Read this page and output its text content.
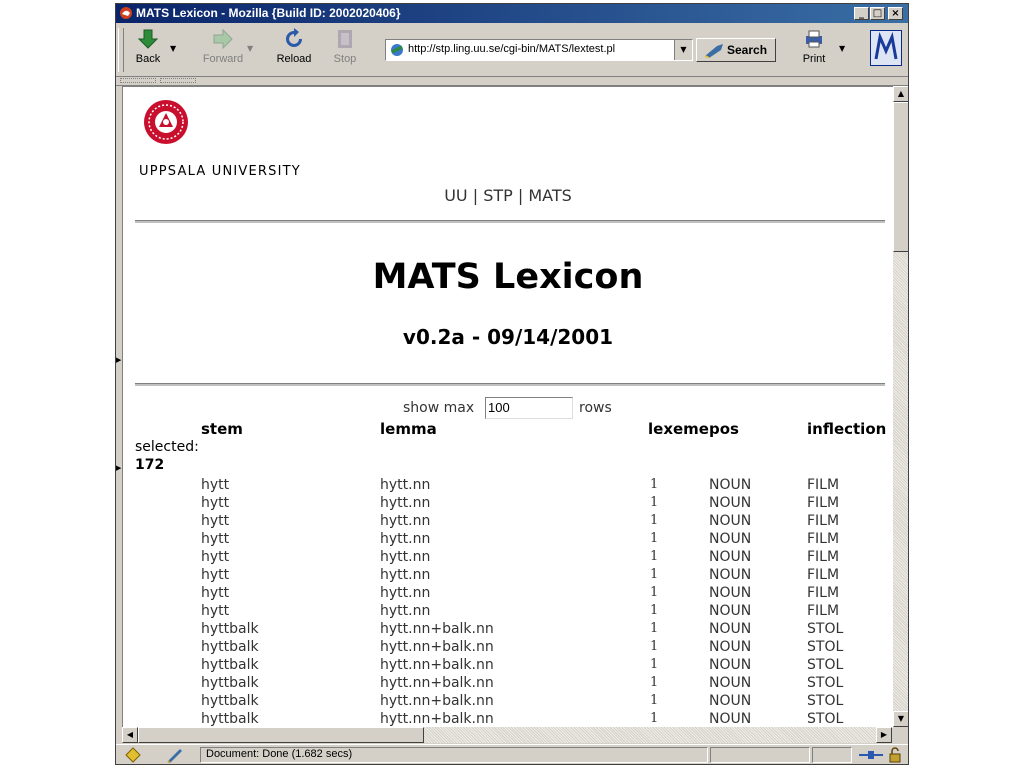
MATS Lexicon - Mozilla {Build ID: 2002020406}	_ □ ×
Back
▼
Forward
▼
Reload	Stop
http://stp.ling.uu.se/cgi-bin/MATS/lextest.pl	▼	Search
Print
▼
▶
▶
UPPSALA UNIVERSITY
UU | STP | MATS
MATS Lexicon
v0.2a - 09/14/2001
show max 100	rows
stem	lemma	lexeme pos	inflection
selected:
172
hytt	hytt.nn	1	NOUN	FILM
hytt	hytt.nn	1	NOUN	FILM
hytt	hytt.nn	1	NOUN	FILM
hytt	hytt.nn	1	NOUN	FILM
hytt	hytt.nn	1	NOUN	FILM
hytt	hytt.nn	1	NOUN	FILM
hytt	hytt.nn	1	NOUN	FILM
hytt	hytt.nn	1	NOUN	FILM
hyttbalk	hytt.nn+balk.nn	1	NOUN	STOL
hyttbalk	hytt.nn+balk.nn	1	NOUN	STOL
hyttbalk	hytt.nn+balk.nn	1	NOUN	STOL
hyttbalk	hytt.nn+balk.nn	1	NOUN	STOL
hyttbalk	hytt.nn+balk.nn	1	NOUN	STOL
hyttbalk	hytt.nn+balk.nn	1	NOUN	STOL
▲
▼
◀	▶
Document: Done (1.682 secs)
